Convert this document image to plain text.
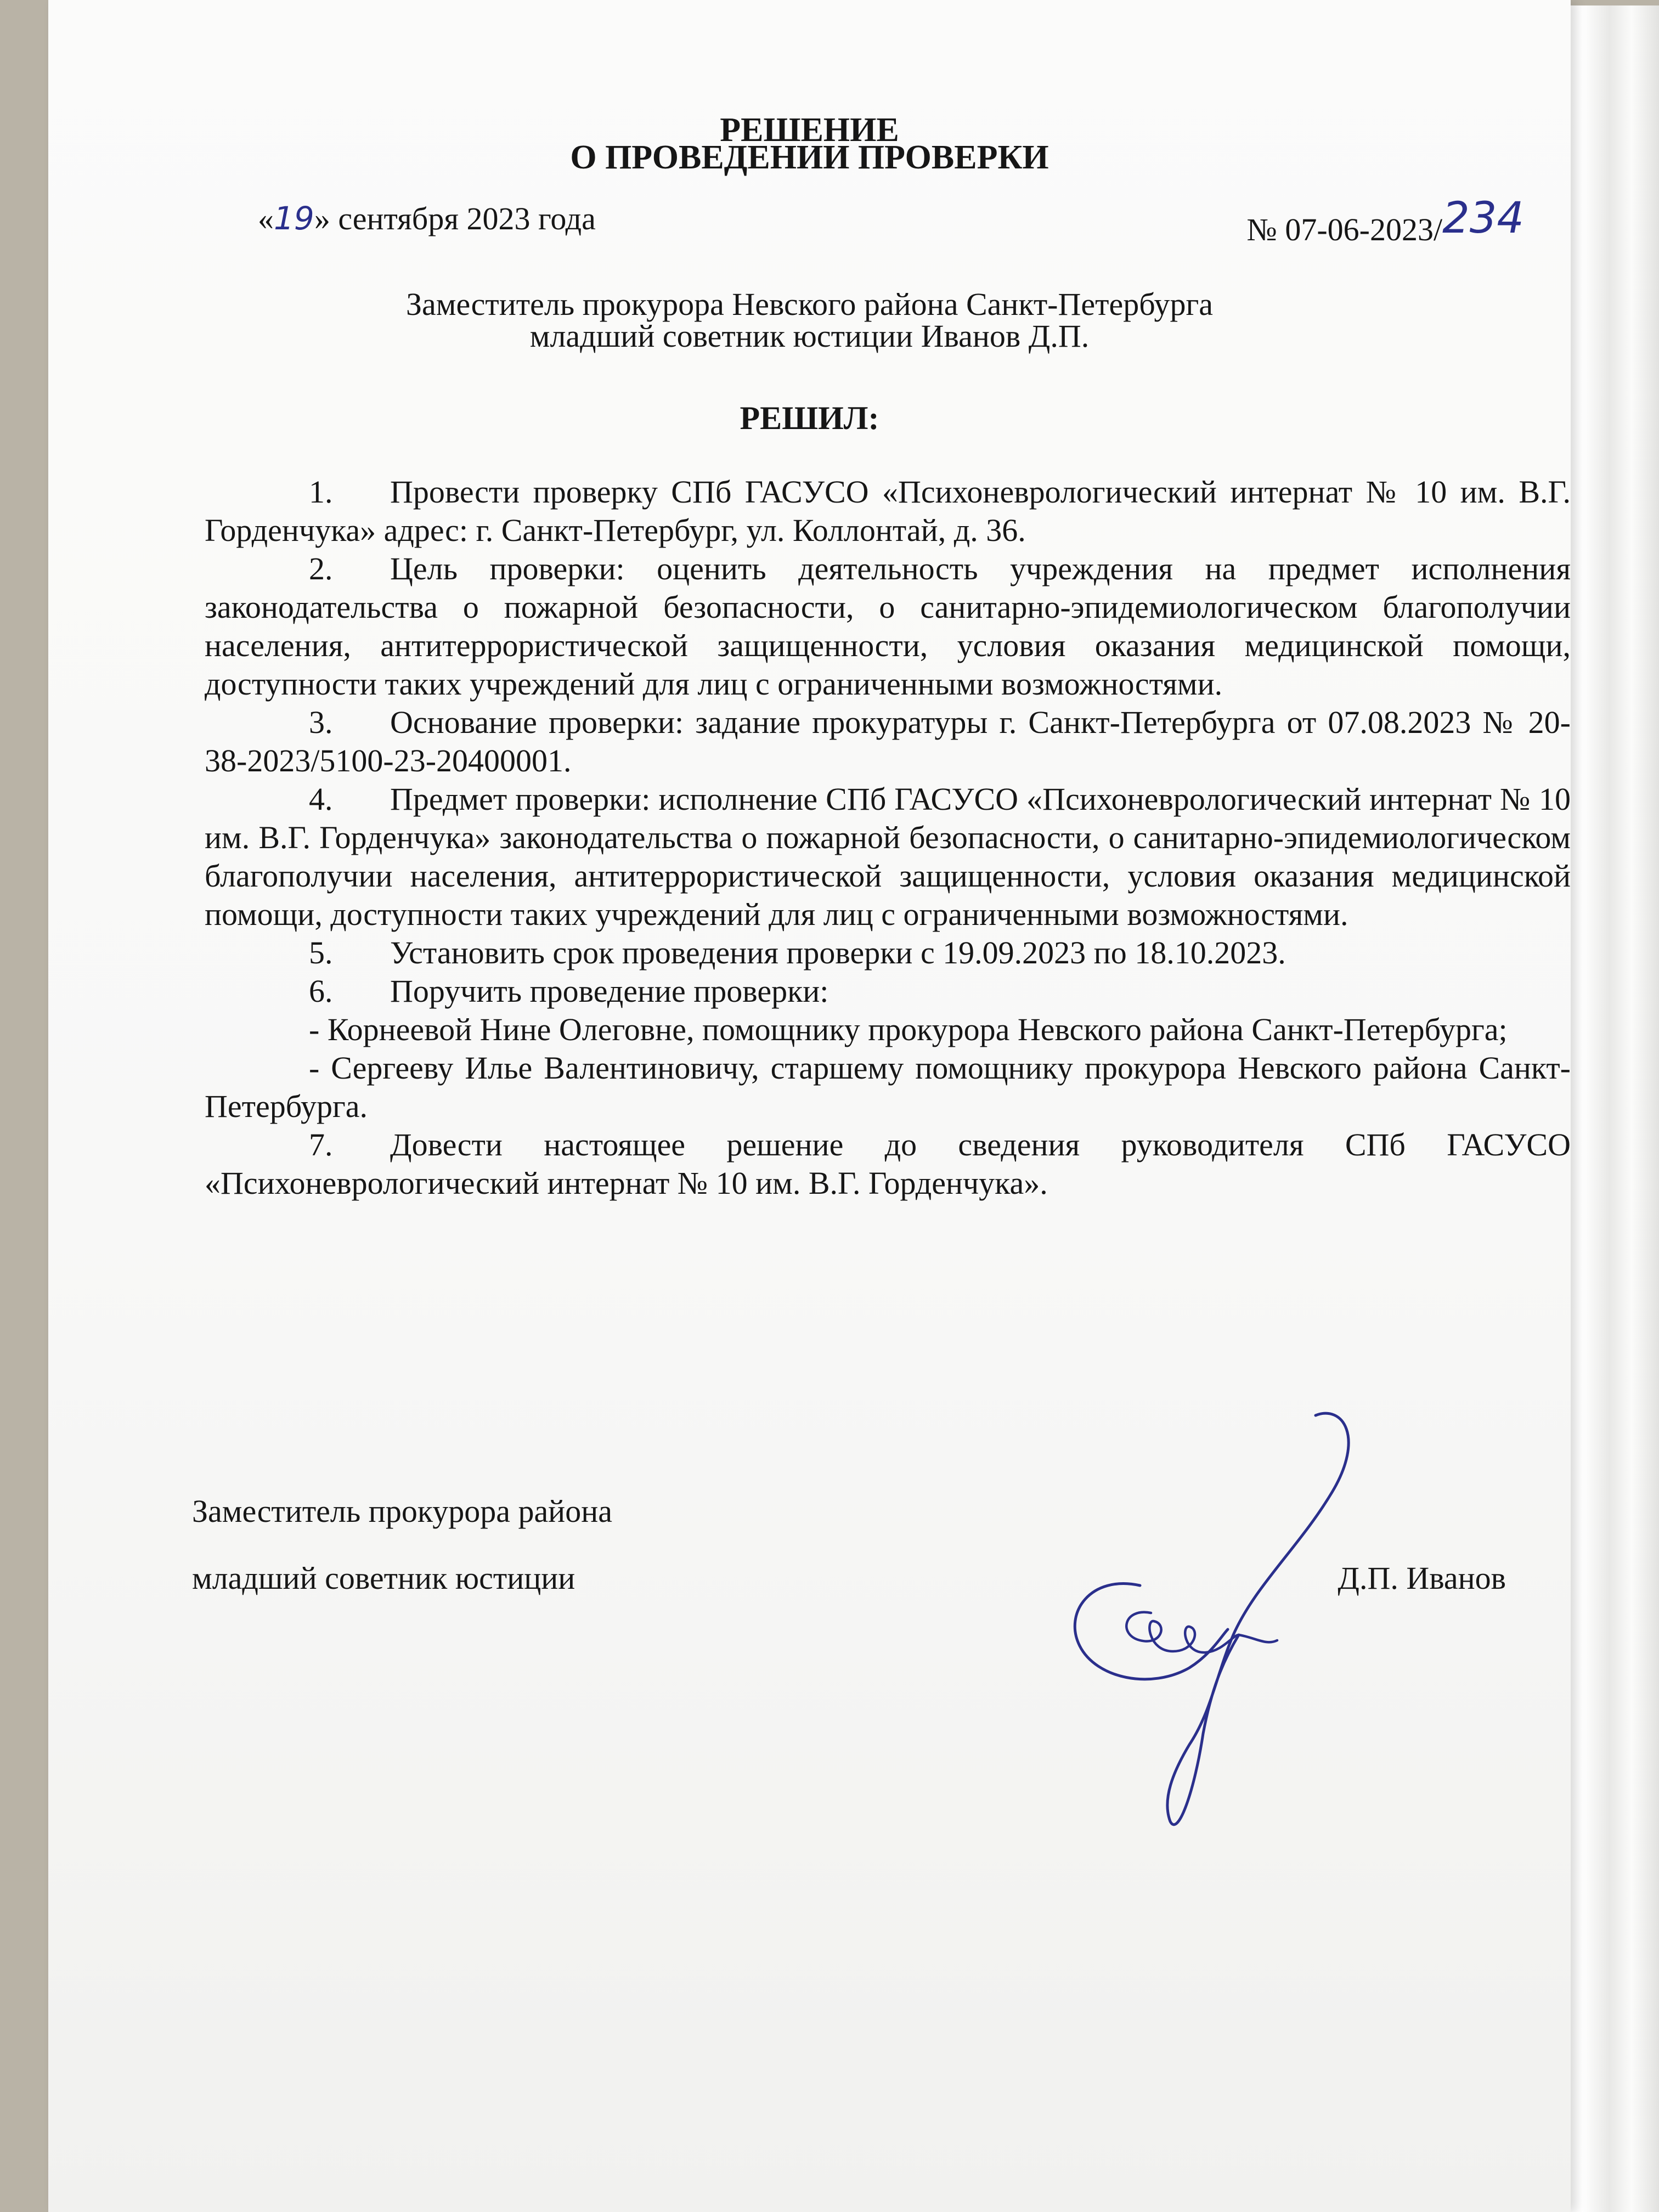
РЕШЕНИЕ
О ПРОВЕДЕНИИ ПРОВЕРКИ
«19» сентября 2023 года	№ 07-06-2023/234
Заместитель прокурора Невского района Санкт-Петербурга
младший советник юстиции Иванов Д.П.
РЕШИЛ:

1. Провести проверку СПб ГАСУСО «Психоневрологический интернат № 10 им. В.Г. Горденчука» адрес: г. Санкт-Петербург, ул. Коллонтай, д. 36.

2. Цель проверки: оценить деятельность учреждения на предмет исполнения законодательства о пожарной безопасности, о санитарно-эпидемиологическом благополучии населения, антитеррористической защищенности, условия оказания медицинской помощи, доступности таких учреждений для лиц с ограниченными возможностями.

3. Основание проверки: задание прокуратуры г. Санкт-Петербурга от 07.08.2023 № 20-38-2023/5100-23-20400001.

4. Предмет проверки: исполнение СПб ГАСУСО «Психоневрологический интернат № 10 им. В.Г. Горденчука» законодательства о пожарной безопасности, о санитарно-эпидемиологическом благополучии населения, антитеррористической защищенности, условия оказания медицинской помощи, доступности таких учреждений для лиц с ограниченными возможностями.

5. Установить срок проведения проверки с 19.09.2023 по 18.10.2023.

6. Поручить проведение проверки:

- Корнеевой Нине Олеговне, помощнику прокурора Невского района Санкт-Петербурга;

- Сергееву Илье Валентиновичу, старшему помощнику прокурора Невского района Санкт-Петербурга.

7. Довести настоящее решение до сведения руководителя СПб ГАСУСО «Психоневрологический интернат № 10 им. В.Г. Горденчука».

Заместитель прокурора района
младший советник юстиции	Д.П. Иванов
